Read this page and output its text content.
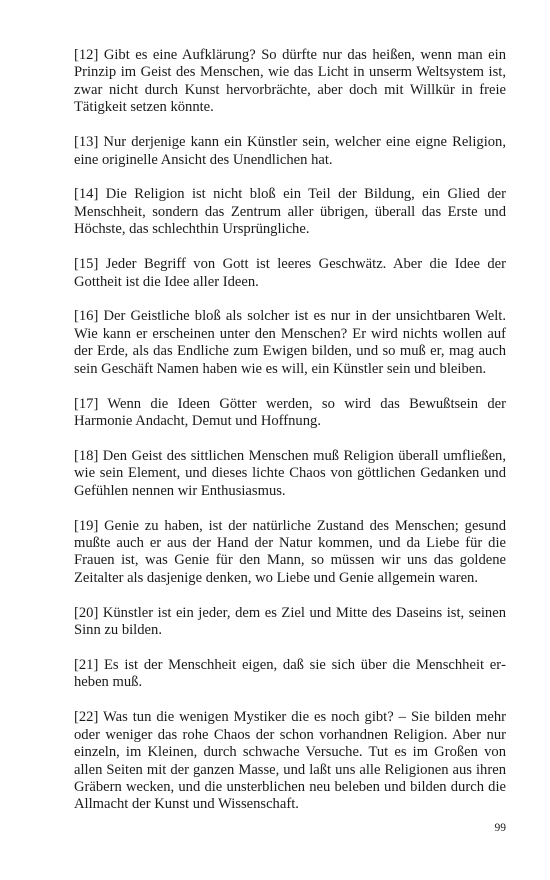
[12] Gibt es eine Aufklärung? So dürfte nur das heißen, wenn man ein Prinzip im Geist des Menschen, wie das Licht in unserm Weltsystem ist, zwar nicht durch Kunst hervorbrächte, aber doch mit Willkür in freie Tätigkeit setzen könnte.

[13] Nur derjenige kann ein Künstler sein, welcher eine eigne Religion, eine originelle Ansicht des Unendlichen hat.

[14] Die Religion ist nicht bloß ein Teil der Bildung, ein Glied der Menschheit, sondern das Zentrum aller übrigen, überall das Erste und Höchste, das schlechthin Ursprüngliche.

[15] Jeder Begriff von Gott ist leeres Geschwätz. Aber die Idee der Gottheit ist die Idee aller Ideen.

[16] Der Geistliche bloß als solcher ist es nur in der unsichtbaren Welt. Wie kann er erscheinen unter den Menschen? Er wird nichts wollen auf der Erde, als das Endliche zum Ewigen bilden, und so muß er, mag auch sein Geschäft Namen haben wie es will, ein Künstler sein und bleiben.

[17] Wenn die Ideen Götter werden, so wird das Bewußtsein der Harmonie Andacht, Demut und Hoffnung.

[18] Den Geist des sittlichen Menschen muß Religion überall umfließen, wie sein Element, und dieses lichte Chaos von göttlichen Gedanken und Gefühlen nennen wir Enthusiasmus.

[19] Genie zu haben, ist der natürliche Zustand des Menschen; gesund mußte auch er aus der Hand der Natur kommen, und da Liebe für die Frauen ist, was Genie für den Mann, so müssen wir uns das goldene Zeitalter als dasjenige denken, wo Liebe und Genie allgemein waren.

[20] Künstler ist ein jeder, dem es Ziel und Mitte des Daseins ist, seinen Sinn zu bilden.

[21] Es ist der Menschheit eigen, daß sie sich über die Menschheit erheben muß.

[22] Was tun die wenigen Mystiker die es noch gibt? – Sie bilden mehr oder weniger das rohe Chaos der schon vorhandnen Religion. Aber nur einzeln, im Kleinen, durch schwache Versuche. Tut es im Großen von allen Seiten mit der ganzen Masse, und laßt uns alle Religionen aus ihren Gräbern wecken, und die unsterblichen neu beleben und bilden durch die Allmacht der Kunst und Wissenschaft.

99
